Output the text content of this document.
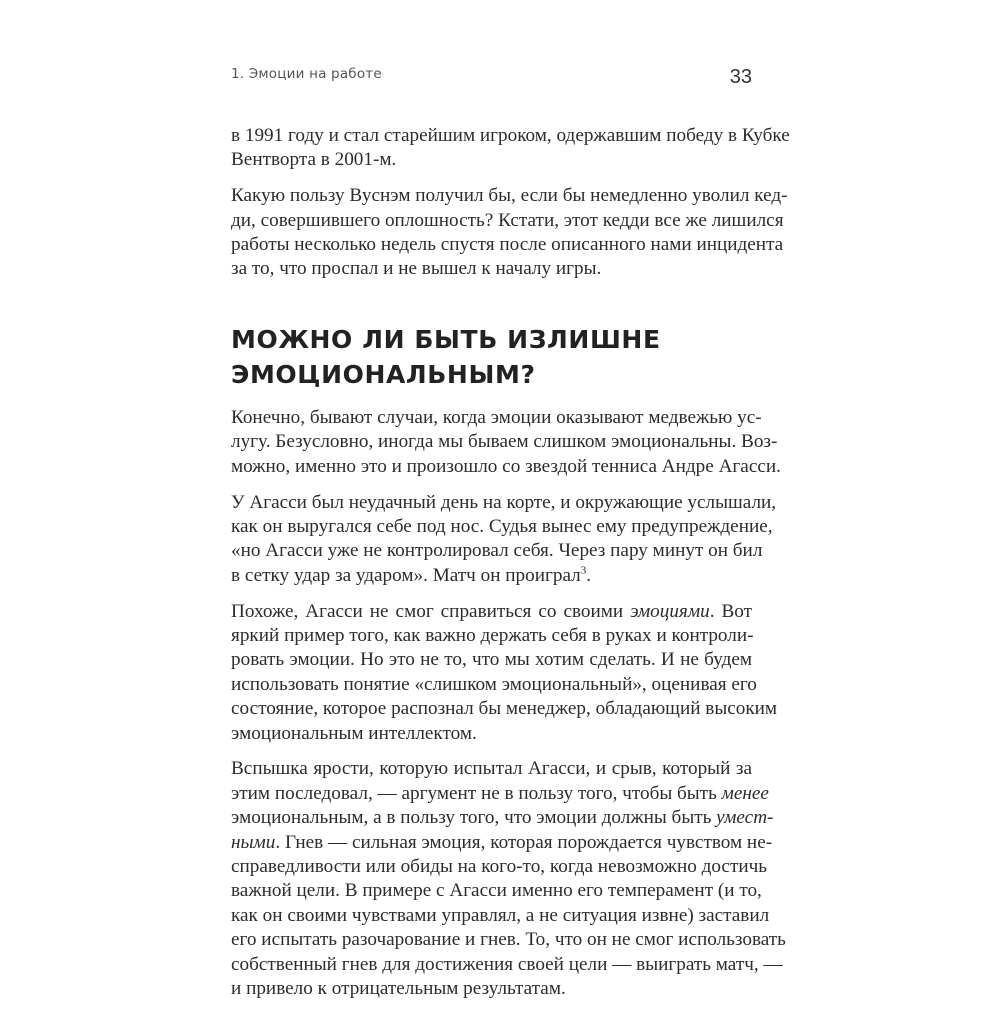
1. Эмоции на работе	33
в 1991 году и стал старейшим игроком, одержавшим победу в Кубке
Вентворта в 2001-м.
Какую пользу Вуснэм получил бы, если бы немедленно уволил кед-
ди, совершившего оплошность? Кстати, этот кедди все же лишился
работы несколько недель спустя после описанного нами инцидента
за то, что проспал и не вышел к началу игры.
МОЖНО ЛИ БЫТЬ ИЗЛИШНЕ
ЭМОЦИОНАЛЬНЫМ?
Конечно, бывают случаи, когда эмоции оказывают медвежью ус-
лугу. Безусловно, иногда мы бываем слишком эмоциональны. Воз-
можно, именно это и произошло со звездой тенниса Андре Агасси.
У Агасси был неудачный день на корте, и окружающие услышали,
как он выругался себе под нос. Судья вынес ему предупреждение,
«но Агасси уже не контролировал себя. Через пару минут он бил
в сетку удар за ударом». Матч он проиграл$^3$.
Похоже, Агасси не смог справиться со своими эмоциями. Вот
яркий пример того, как важно держать себя в руках и контроли-
ровать эмоции. Но это не то, что мы хотим сделать. И не будем
использовать понятие «слишком эмоциональный», оценивая его
состояние, которое распознал бы менеджер, обладающий высоким
эмоциональным интеллектом.
Вспышка ярости, которую испытал Агасси, и срыв, который за
этим последовал, — аргумент не в пользу того, чтобы быть менее
эмоциональным, а в пользу того, что эмоции должны быть умест-
ными. Гнев — сильная эмоция, которая порождается чувством не-
справедливости или обиды на кого-то, когда невозможно достичь
важной цели. В примере с Агасси именно его темперамент (и то,
как он своими чувствами управлял, а не ситуация извне) заставил
его испытать разочарование и гнев. То, что он не смог использовать
собственный гнев для достижения своей цели — выиграть матч, —
и привело к отрицательным результатам.
